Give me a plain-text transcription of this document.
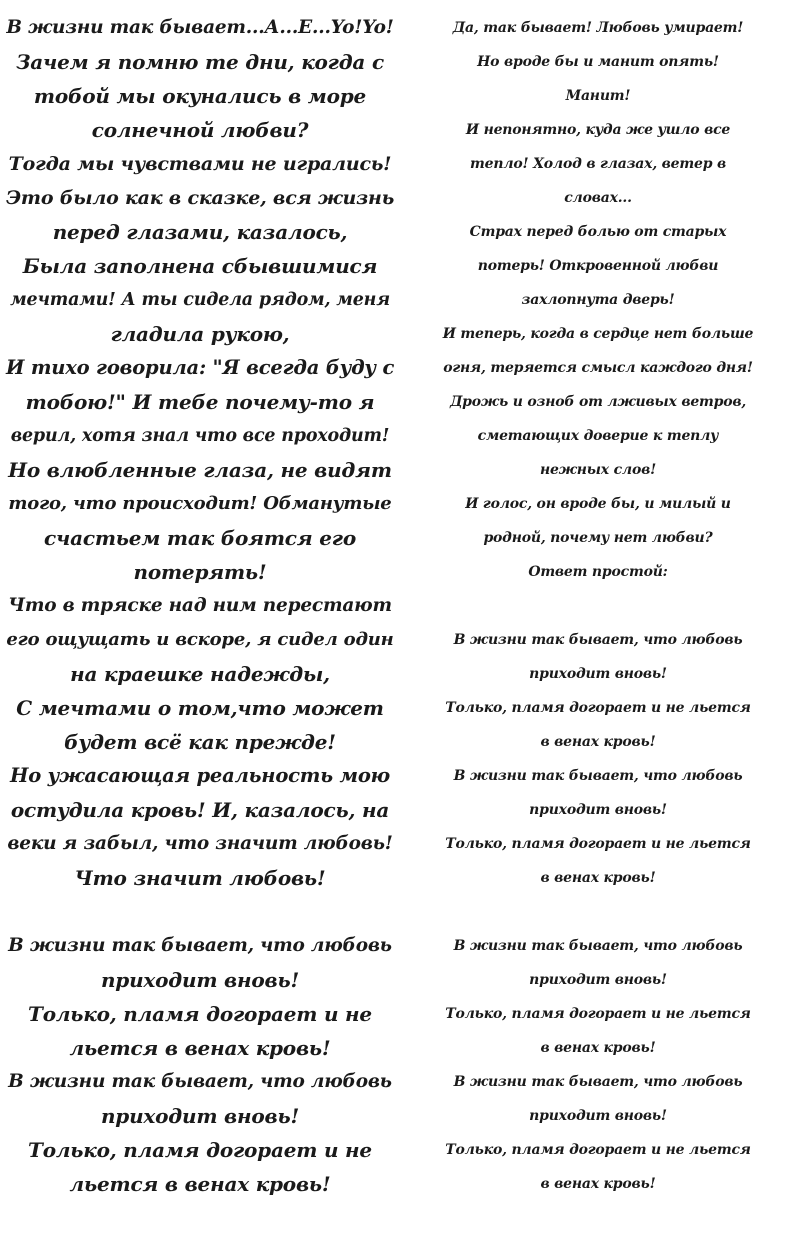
В жизни так бывает...А...Е...Yo!Yo!
Зачем я помню те дни, когда с
тобой мы окунались в море
солнечной любви?
Тогда мы чувствами не игрались!
Это было как в сказке, вся жизнь
перед глазами, казалось,
Была заполнена сбывшимися
мечтами! А ты сидела рядом, меня
гладила рукою,
И тихо говорила: "Я всегда буду с
тобою!" И тебе почему-то я
верил, хотя знал что все проходит!
Но влюбленные глаза, не видят
того, что происходит! Обманутые
счастьем так боятся его
потерять!
Что в тряске над ним перестают
его ощущать и вскоре, я сидел один
на краешке надежды,
С мечтами о том,что может
будет всё как прежде!
Но ужасающая реальность мою
остудила кровь! И, казалось, на
веки я забыл, что значит любовь!
Что значит любовь!
В жизни так бывает, что любовь
приходит вновь!
Только, пламя догорает и не
льется в венах кровь!
В жизни так бывает, что любовь
приходит вновь!
Только, пламя догорает и не
льется в венах кровь!
Да, так бывает! Любовь умирает!
Но вроде бы и манит опять!
Манит!
И непонятно, куда же ушло все
тепло! Холод в глазах, ветер в
словах...
Страх перед болью от старых
потерь! Откровенной любви
захлопнута дверь!
И теперь, когда в сердце нет больше
огня, теряется смысл каждого дня!
Дрожь и озноб от лживых ветров,
сметающих доверие к теплу
нежных слов!
И голос, он вроде бы, и милый и
родной, почему нет любви?
Ответ простой:
В жизни так бывает, что любовь
приходит вновь!
Только, пламя догорает и не льется
в венах кровь!
В жизни так бывает, что любовь
приходит вновь!
Только, пламя догорает и не льется
в венах кровь!
В жизни так бывает, что любовь
приходит вновь!
Только, пламя догорает и не льется
в венах кровь!
В жизни так бывает, что любовь
приходит вновь!
Только, пламя догорает и не льется
в венах кровь!
